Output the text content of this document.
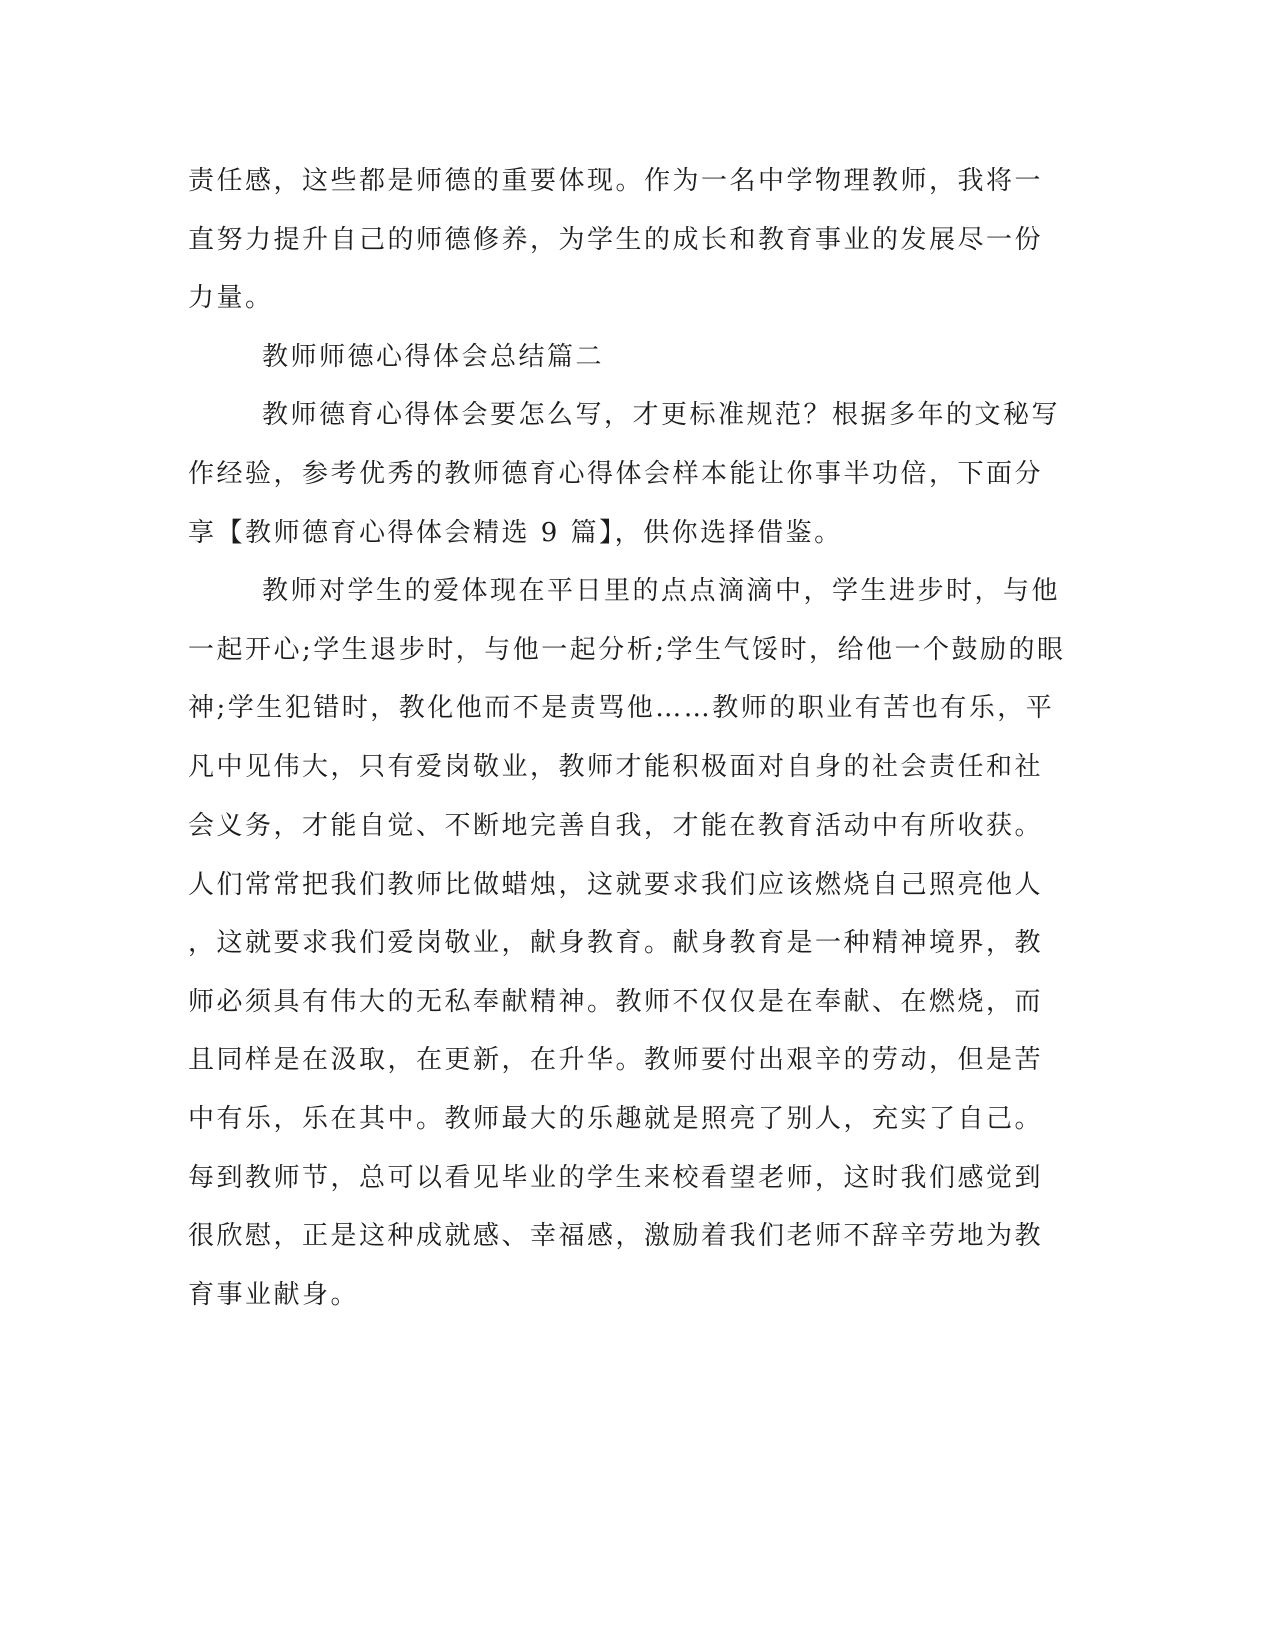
责任感，这些都是师德的重要体现。作为一名中学物理教师，我将一
直努力提升自己的师德修养，为学生的成长和教育事业的发展尽一份
力量。
教师师德心得体会总结篇二
教师德育心得体会要怎么写，才更标准规范？根据多年的文秘写
作经验，参考优秀的教师德育心得体会样本能让你事半功倍，下面分
享【教师德育心得体会精选 9 篇】，供你选择借鉴。
教师对学生的爱体现在平日里的点点滴滴中，学生进步时，与他
一起开心;学生退步时，与他一起分析;学生气馁时，给他一个鼓励的眼
神;学生犯错时，教化他而不是责骂他……教师的职业有苦也有乐，平
凡中见伟大，只有爱岗敬业，教师才能积极面对自身的社会责任和社
会义务，才能自觉、不断地完善自我，才能在教育活动中有所收获。
人们常常把我们教师比做蜡烛，这就要求我们应该燃烧自己照亮他人
，这就要求我们爱岗敬业，献身教育。献身教育是一种精神境界，教
师必须具有伟大的无私奉献精神。教师不仅仅是在奉献、在燃烧，而
且同样是在汲取，在更新，在升华。教师要付出艰辛的劳动，但是苦
中有乐，乐在其中。教师最大的乐趣就是照亮了别人，充实了自己。
每到教师节，总可以看见毕业的学生来校看望老师，这时我们感觉到
很欣慰，正是这种成就感、幸福感，激励着我们老师不辞辛劳地为教
育事业献身。
